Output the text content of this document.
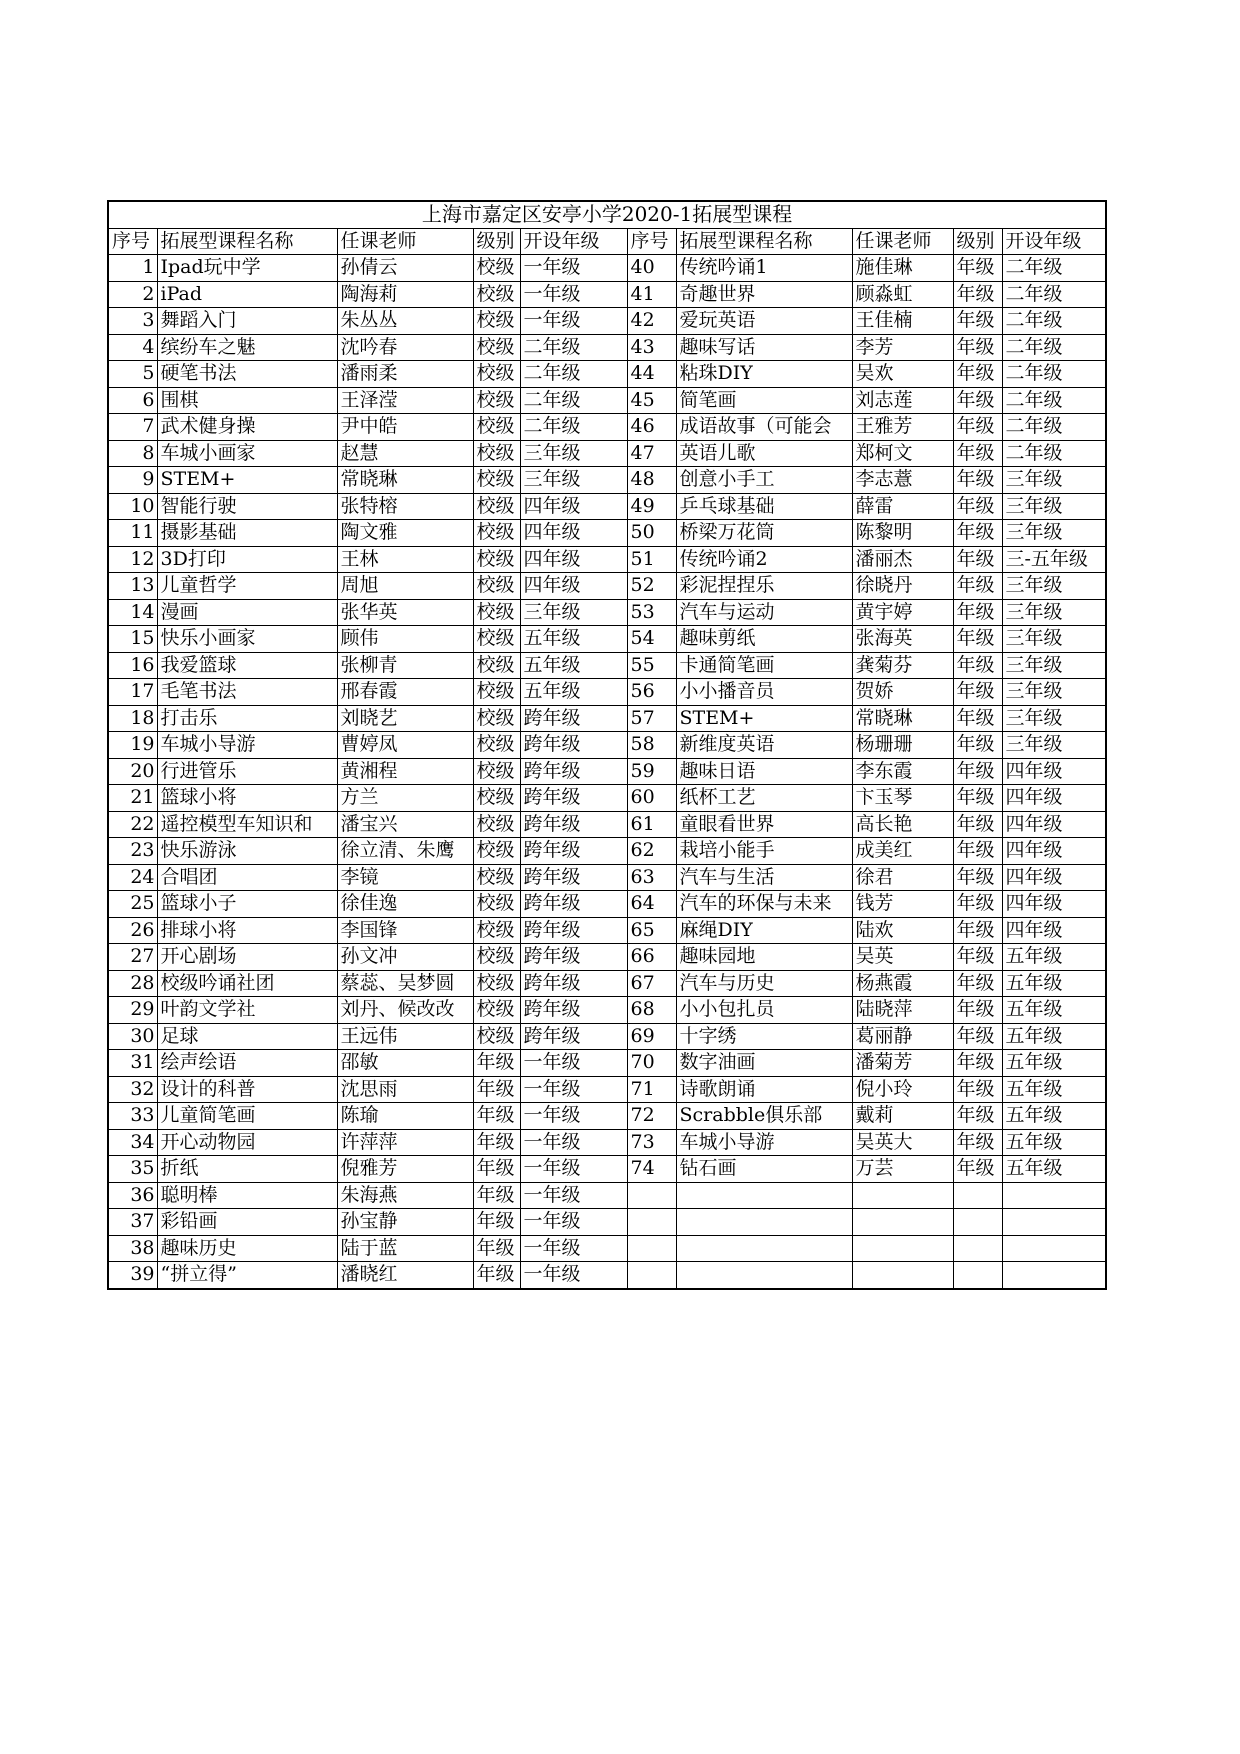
上海市嘉定区安亭小学2020-1拓展型课程									
序号	拓展型课程名称	任课老师	级别	开设年级	序号	拓展型课程名称	任课老师	级别	开设年级
1	Ipad玩中学	孙倩云	校级	一年级	40	传统吟诵1	施佳琳	年级	二年级
2	iPad	陶海莉	校级	一年级	41	奇趣世界	顾淼虹	年级	二年级
3	舞蹈入门	朱丛丛	校级	一年级	42	爱玩英语	王佳楠	年级	二年级
4	缤纷车之魅	沈吟春	校级	二年级	43	趣味写话	李芳	年级	二年级
5	硬笔书法	潘雨柔	校级	二年级	44	粘珠DIY	吴欢	年级	二年级
6	围棋	王泽滢	校级	二年级	45	简笔画	刘志莲	年级	二年级
7	武术健身操	尹中皓	校级	二年级	46	成语故事（可能会	王雅芳	年级	二年级
8	车城小画家	赵慧	校级	三年级	47	英语儿歌	郑柯文	年级	二年级
9	STEM+	常晓琳	校级	三年级	48	创意小手工	李志薏	年级	三年级
10	智能行驶	张特榕	校级	四年级	49	乒乓球基础	薛雷	年级	三年级
11	摄影基础	陶文雅	校级	四年级	50	桥梁万花筒	陈黎明	年级	三年级
12	3D打印	王林	校级	四年级	51	传统吟诵2	潘丽杰	年级	三-五年级
13	儿童哲学	周旭	校级	四年级	52	彩泥捏捏乐	徐晓丹	年级	三年级
14	漫画	张华英	校级	三年级	53	汽车与运动	黄宇婷	年级	三年级
15	快乐小画家	顾伟	校级	五年级	54	趣味剪纸	张海英	年级	三年级
16	我爱篮球	张柳青	校级	五年级	55	卡通简笔画	龚菊芬	年级	三年级
17	毛笔书法	邢春霞	校级	五年级	56	小小播音员	贺娇	年级	三年级
18	打击乐	刘晓艺	校级	跨年级	57	STEM+	常晓琳	年级	三年级
19	车城小导游	曹婷凤	校级	跨年级	58	新维度英语	杨珊珊	年级	三年级
20	行进管乐	黄湘程	校级	跨年级	59	趣味日语	李东霞	年级	四年级
21	篮球小将	方兰	校级	跨年级	60	纸杯工艺	卞玉琴	年级	四年级
22	遥控模型车知识和	潘宝兴	校级	跨年级	61	童眼看世界	高长艳	年级	四年级
23	快乐游泳	徐立清、朱鹰	校级	跨年级	62	栽培小能手	成美红	年级	四年级
24	合唱团	李镜	校级	跨年级	63	汽车与生活	徐君	年级	四年级
25	篮球小子	徐佳逸	校级	跨年级	64	汽车的环保与未来	钱芳	年级	四年级
26	排球小将	李国锋	校级	跨年级	65	麻绳DIY	陆欢	年级	四年级
27	开心剧场	孙文冲	校级	跨年级	66	趣味园地	吴英	年级	五年级
28	校级吟诵社团	蔡蕊、吴梦圆	校级	跨年级	67	汽车与历史	杨燕霞	年级	五年级
29	叶韵文学社	刘丹、候改改	校级	跨年级	68	小小包扎员	陆晓萍	年级	五年级
30	足球	王远伟	校级	跨年级	69	十字绣	葛丽静	年级	五年级
31	绘声绘语	邵敏	年级	一年级	70	数字油画	潘菊芳	年级	五年级
32	设计的科普	沈思雨	年级	一年级	71	诗歌朗诵	倪小玲	年级	五年级
33	儿童简笔画	陈瑜	年级	一年级	72	Scrabble俱乐部	戴莉	年级	五年级
34	开心动物园	许萍萍	年级	一年级	73	车城小导游	吴英大	年级	五年级
35	折纸	倪雅芳	年级	一年级	74	钻石画	万芸	年级	五年级
36	聪明棒	朱海燕	年级	一年级					
37	彩铅画	孙宝静	年级	一年级					
38	趣味历史	陆于蓝	年级	一年级					
39	“拼立得”	潘晓红	年级	一年级					
